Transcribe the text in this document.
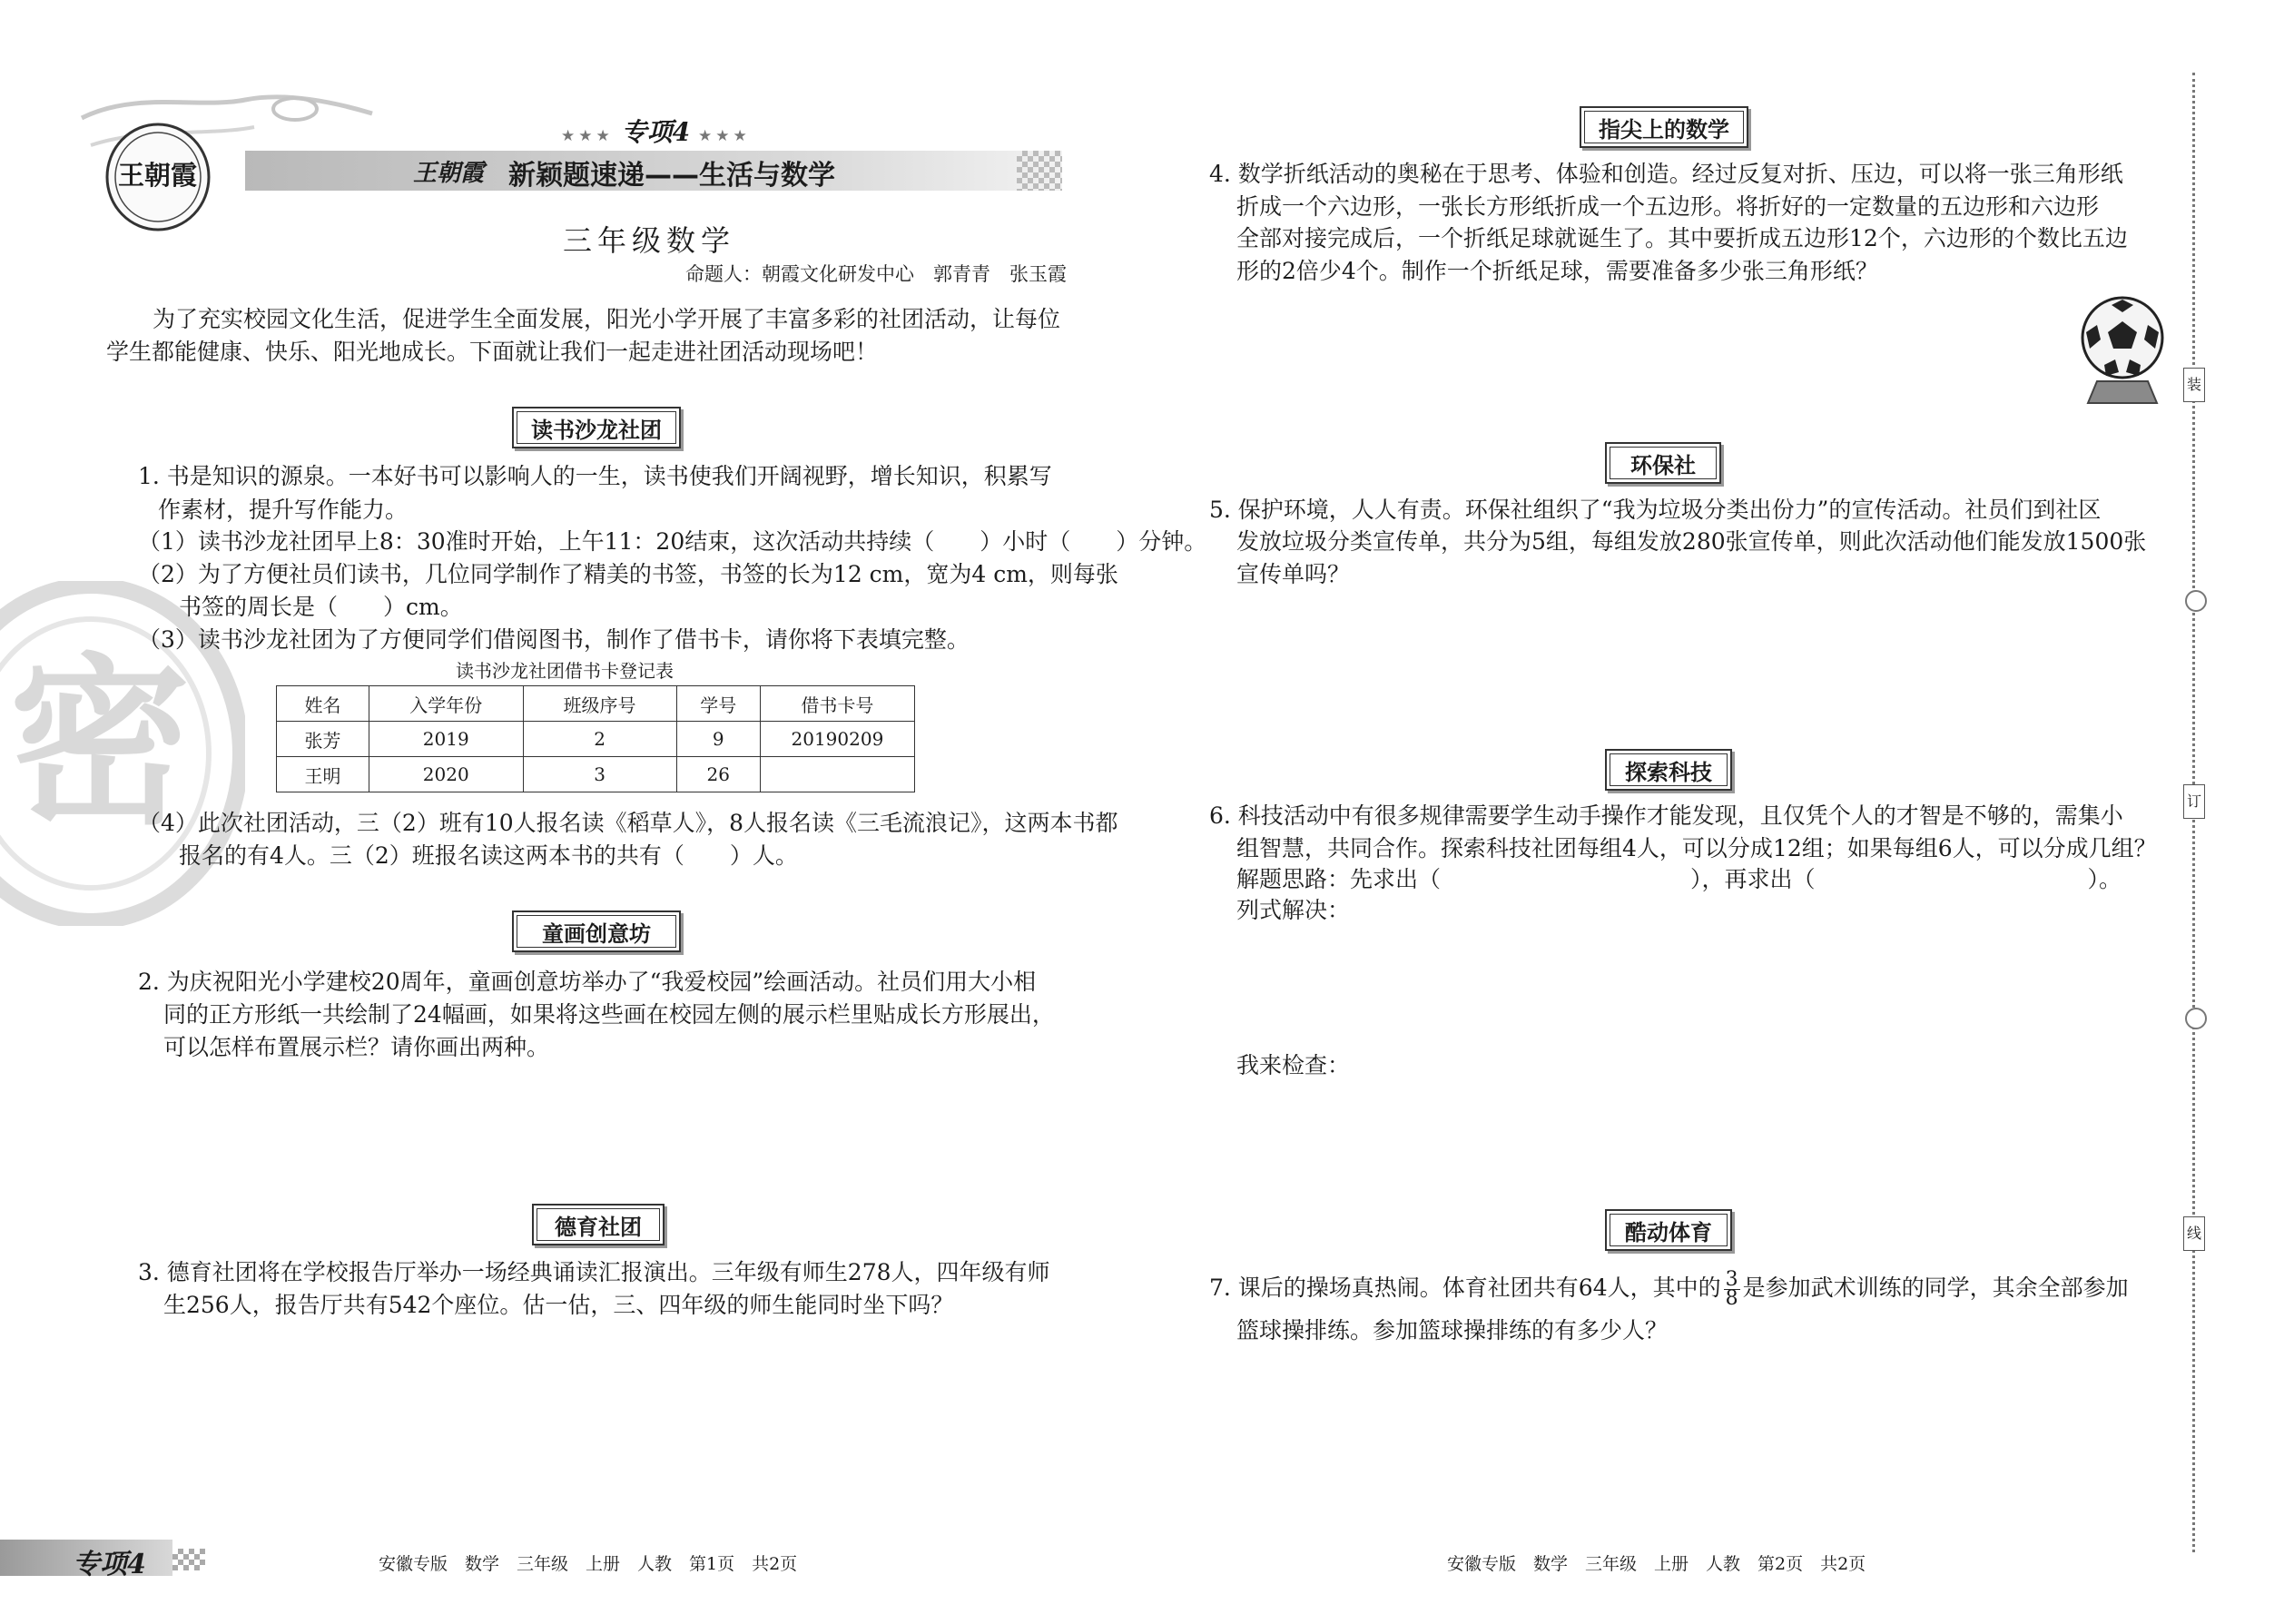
密
王朝霞
★★★ 专项4 ★★★
王朝霞 新颖题速递——生活与数学
三年级数学
命题人：朝霞文化研发中心　郭青青　张玉霞
为了充实校园文化生活，促进学生全面发展，阳光小学开展了丰富多彩的社团活动，让每位
学生都能健康、快乐、阳光地成长。下面就让我们一起走进社团活动现场吧！
读书沙龙社团
1. 书是知识的源泉。一本好书可以影响人的一生，读书使我们开阔视野，增长知识，积累写
作素材，提升写作能力。
（1）读书沙龙社团早上8：30准时开始，上午11：20结束，这次活动共持续（　　）小时（　　）分钟。
（2）为了方便社员们读书，几位同学制作了精美的书签，书签的长为12 cm，宽为4 cm，则每张
书签的周长是（　　）cm。
（3）读书沙龙社团为了方便同学们借阅图书，制作了借书卡，请你将下表填完整。
读书沙龙社团借书卡登记表
姓名	入学年份	班级序号	学号	借书卡号
张芳	2019	2	9	20190209
王明	2020	3	26	
（4）此次社团活动，三（2）班有10人报名读《稻草人》，8人报名读《三毛流浪记》，这两本书都
报名的有4人。三（2）班报名读这两本书的共有（　　）人。
童画创意坊
2. 为庆祝阳光小学建校20周年，童画创意坊举办了“我爱校园”绘画活动。社员们用大小相
同的正方形纸一共绘制了24幅画，如果将这些画在校园左侧的展示栏里贴成长方形展出，
可以怎样布置展示栏？请你画出两种。
德育社团
3. 德育社团将在学校报告厅举办一场经典诵读汇报演出。三年级有师生278人，四年级有师
生256人，报告厅共有542个座位。估一估，三、四年级的师生能同时坐下吗？
指尖上的数学
4. 数学折纸活动的奥秘在于思考、体验和创造。经过反复对折、压边，可以将一张三角形纸
折成一个六边形，一张长方形纸折成一个五边形。将折好的一定数量的五边形和六边形
全部对接完成后，一个折纸足球就诞生了。其中要折成五边形12个，六边形的个数比五边
形的2倍少4个。制作一个折纸足球，需要准备多少张三角形纸？
环保社
5. 保护环境，人人有责。环保社组织了“我为垃圾分类出份力”的宣传活动。社员们到社区
发放垃圾分类宣传单，共分为5组，每组发放280张宣传单，则此次活动他们能发放1500张
宣传单吗？
探索科技
6. 科技活动中有很多规律需要学生动手操作才能发现，且仅凭个人的才智是不够的，需集小
组智慧，共同合作。探索科技社团每组4人，可以分成12组；如果每组6人，可以分成几组？
解题思路：先求出（　　　　　　　　　　　），再求出（　　　　　　　　　　　　）。
列式解决：
我来检查：
酷动体育
7. 课后的操场真热闹。体育社团共有64人，其中的 $\frac{3}{8}$ 是参加武术训练的同学，其余全部参加
篮球操排练。参加篮球操排练的有多少人？
装
订
线
专项4	安徽专版　数学　三年级　上册　人教　第1页　共2页	安徽专版　数学　三年级　上册　人教　第2页　共2页
